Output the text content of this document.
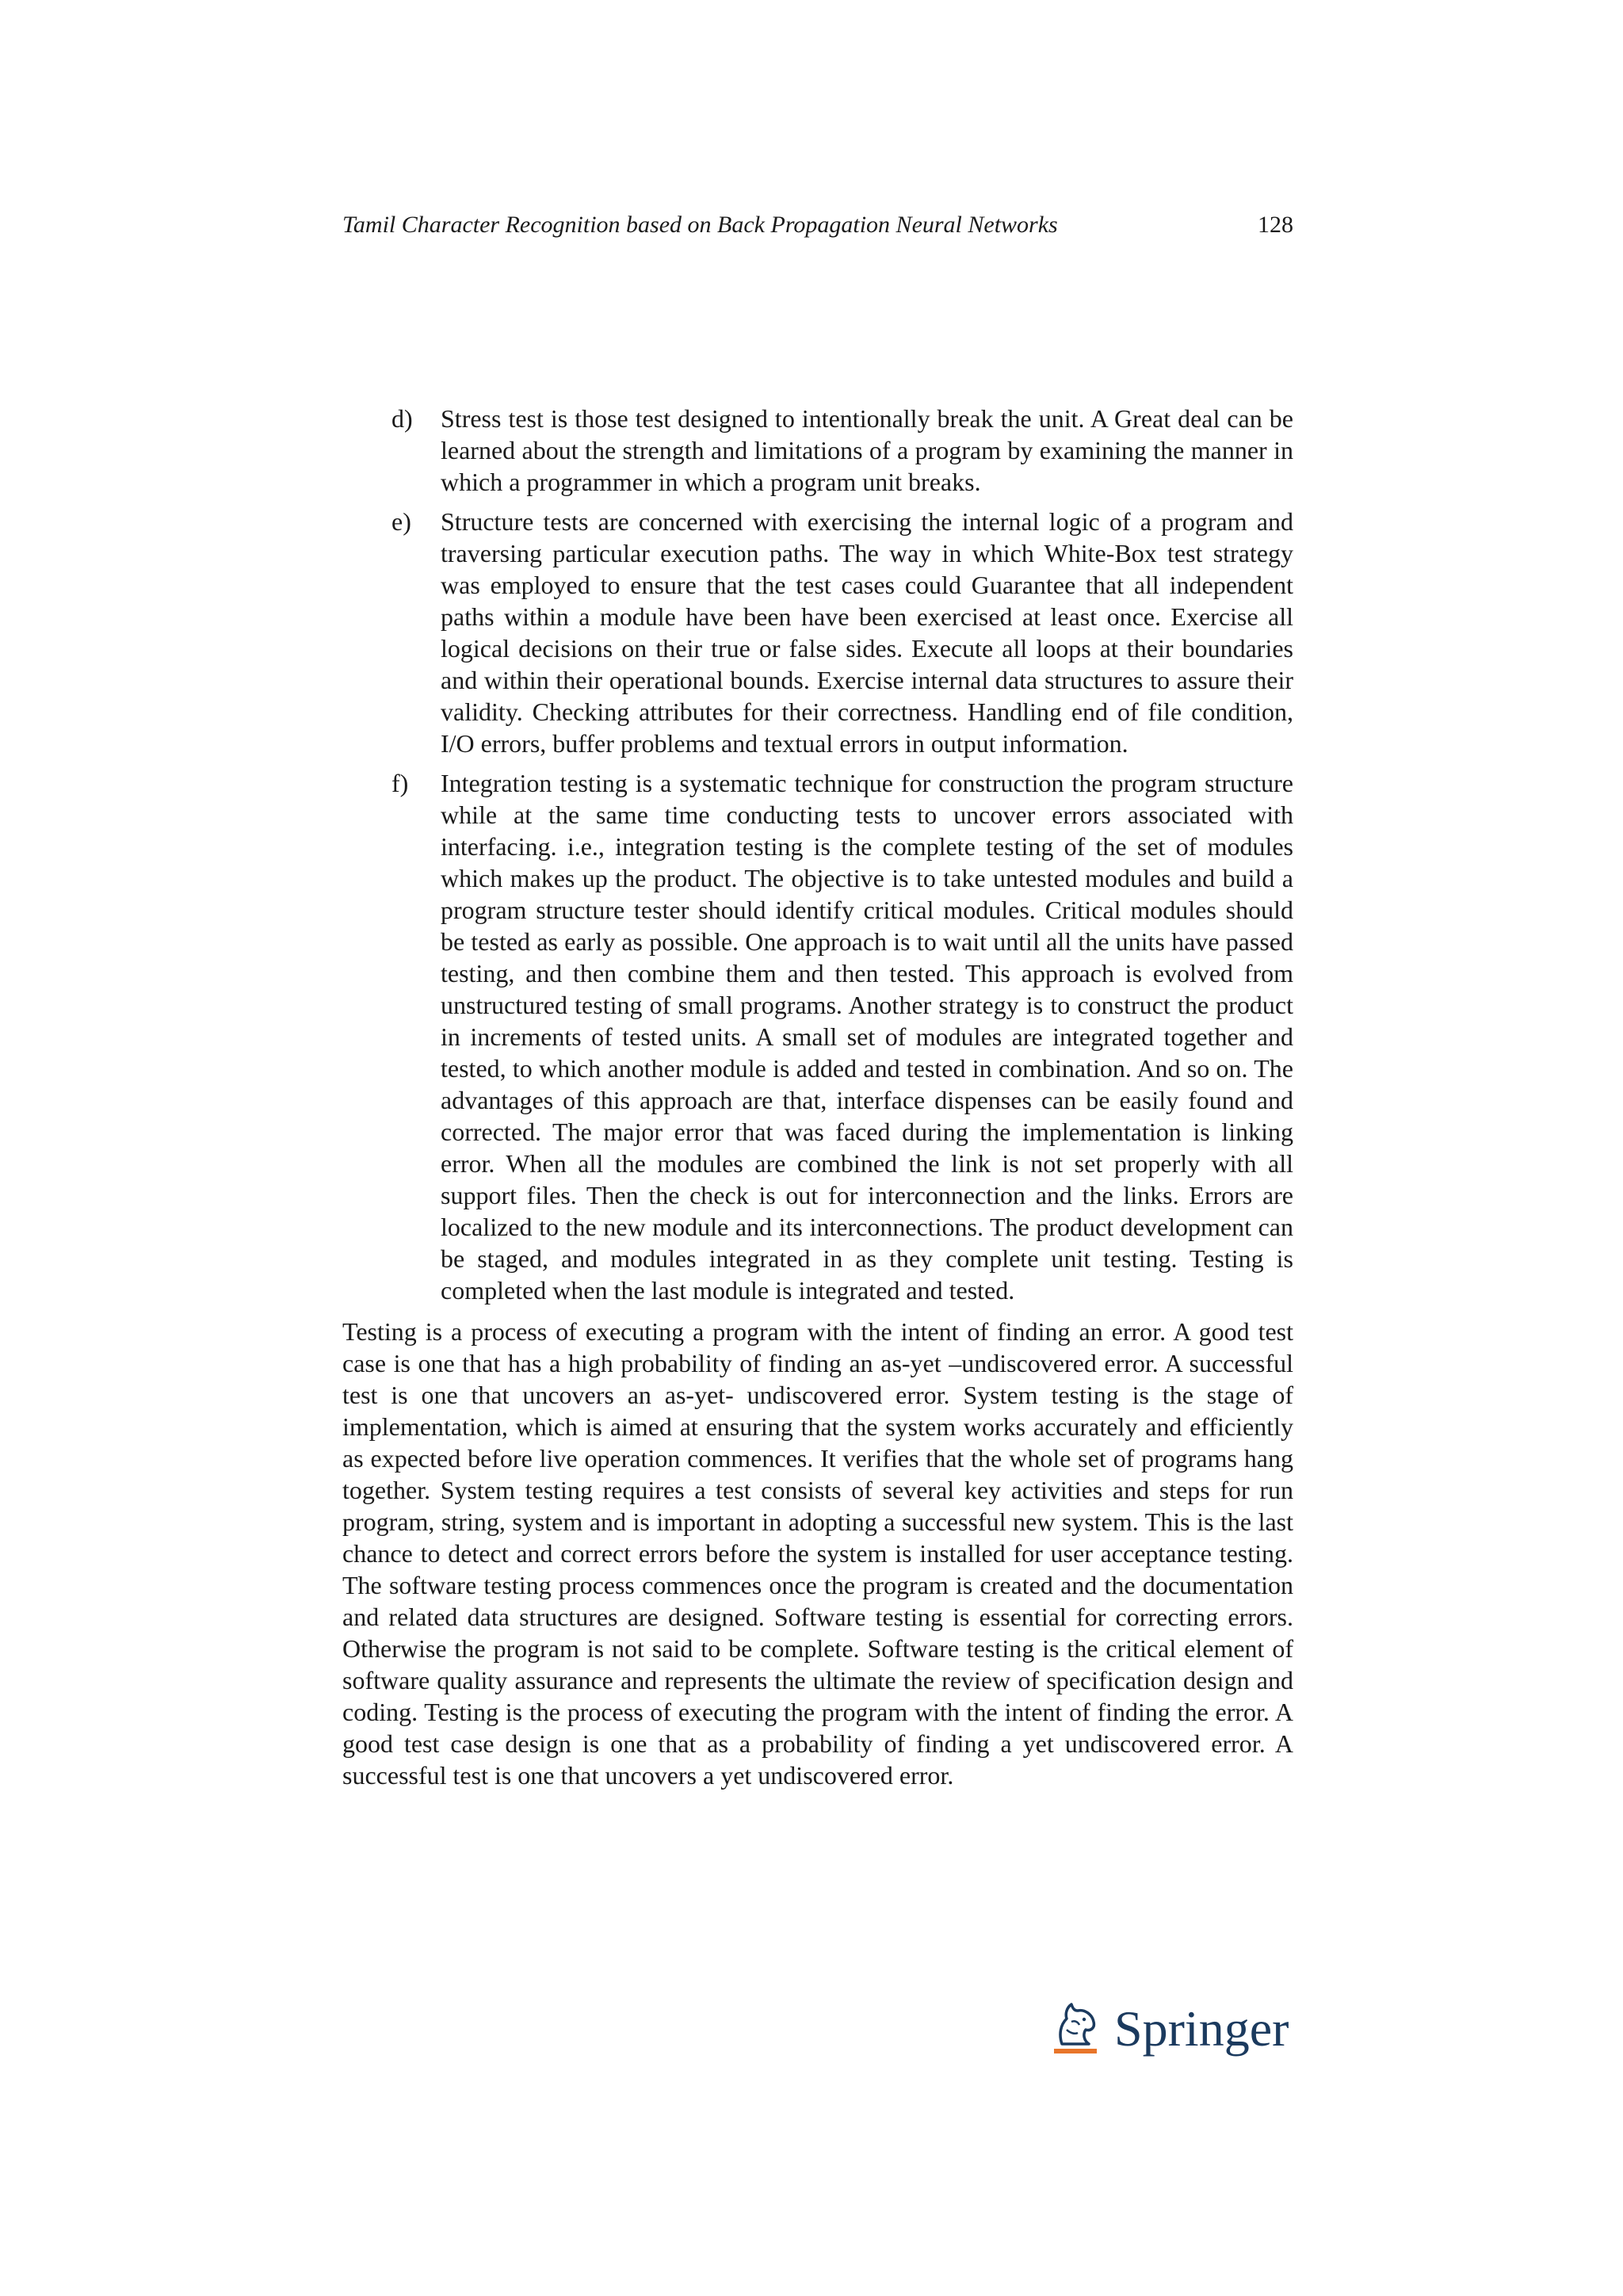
Tamil Character Recognition based on Back Propagation Neural Networks	128
d) Stress test is those test designed to intentionally break the unit. A Great deal can be learned about the strength and limitations of a program by examining the manner in which a programmer in which a program unit breaks.
e) Structure tests are concerned with exercising the internal logic of a program and traversing particular execution paths. The way in which White-Box test strategy was employed to ensure that the test cases could Guarantee that all independent paths within a module have been have been exercised at least once. Exercise all logical decisions on their true or false sides. Execute all loops at their boundaries and within their operational bounds. Exercise internal data structures to assure their validity. Checking attributes for their correctness. Handling end of file condition, I/O errors, buffer problems and textual errors in output information.
f) Integration testing is a systematic technique for construction the program structure while at the same time conducting tests to uncover errors associated with interfacing. i.e., integration testing is the complete testing of the set of modules which makes up the product. The objective is to take untested modules and build a program structure tester should identify critical modules. Critical modules should be tested as early as possible. One approach is to wait until all the units have passed testing, and then combine them and then tested. This approach is evolved from unstructured testing of small programs. Another strategy is to construct the product in increments of tested units. A small set of modules are integrated together and tested, to which another module is added and tested in combination. And so on. The advantages of this approach are that, interface dispenses can be easily found and corrected. The major error that was faced during the implementation is linking error. When all the modules are combined the link is not set properly with all support files. Then the check is out for interconnection and the links. Errors are localized to the new module and its interconnections. The product development can be staged, and modules integrated in as they complete unit testing. Testing is completed when the last module is integrated and tested.

Testing is a process of executing a program with the intent of finding an error. A good test case is one that has a high probability of finding an as-yet –undiscovered error. A successful test is one that uncovers an as-yet- undiscovered error. System testing is the stage of implementation, which is aimed at ensuring that the system works accurately and efficiently as expected before live operation commences. It verifies that the whole set of programs hang together. System testing requires a test consists of several key activities and steps for run program, string, system and is important in adopting a successful new system. This is the last chance to detect and correct errors before the system is installed for user acceptance testing. The software testing process commences once the program is created and the documentation and related data structures are designed. Software testing is essential for correcting errors. Otherwise the program is not said to be complete. Software testing is the critical element of software quality assurance and represents the ultimate the review of specification design and coding. Testing is the process of executing the program with the intent of finding the error. A good test case design is one that as a probability of finding a yet undiscovered error. A successful test is one that uncovers a yet undiscovered error.

Springer
